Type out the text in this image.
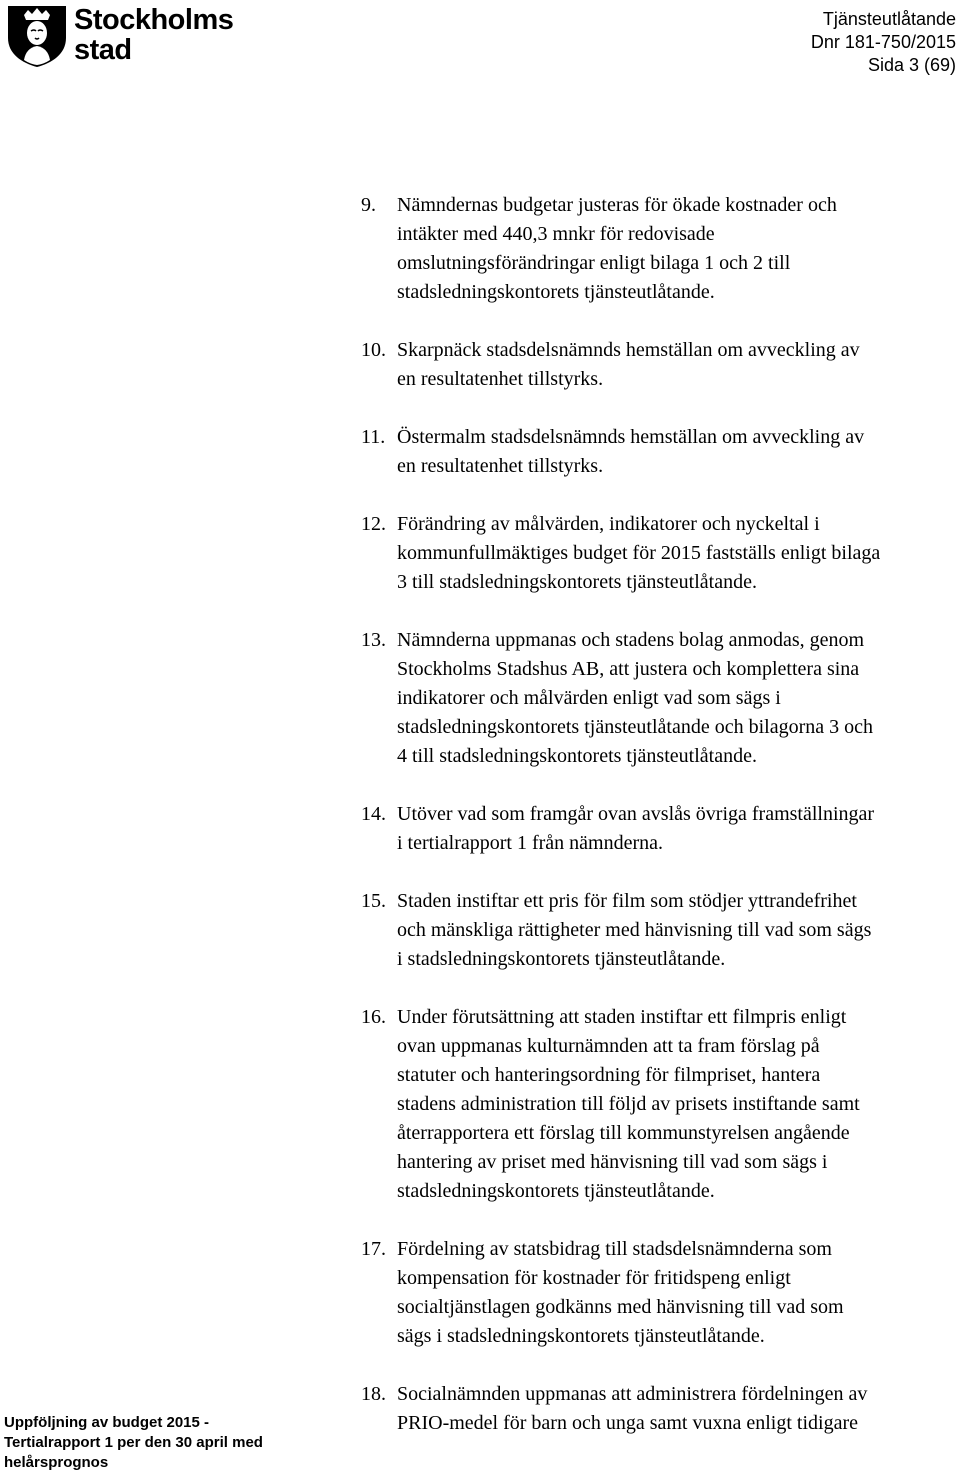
Stockholms
stad
Tjänsteutlåtande
Dnr 181-750/2015
Sida 3 (69)
9. Nämndernas budgetar justeras för ökade kostnader och
intäkter med 440,3 mnkr för redovisade
omslutningsförändringar enligt bilaga 1 och 2 till
stadsledningskontorets tjänsteutlåtande.
10. Skarpnäck stadsdelsnämnds hemställan om avveckling av
en resultatenhet tillstyrks.
11. Östermalm stadsdelsnämnds hemställan om avveckling av
en resultatenhet tillstyrks.
12. Förändring av målvärden, indikatorer och nyckeltal i
kommunfullmäktiges budget för 2015 fastställs enligt bilaga
3 till stadsledningskontorets tjänsteutlåtande.
13. Nämnderna uppmanas och stadens bolag anmodas, genom
Stockholms Stadshus AB, att justera och komplettera sina
indikatorer och målvärden enligt vad som sägs i
stadsledningskontorets tjänsteutlåtande och bilagorna 3 och
4 till stadsledningskontorets tjänsteutlåtande.
14. Utöver vad som framgår ovan avslås övriga framställningar
i tertialrapport 1 från nämnderna.
15. Staden instiftar ett pris för film som stödjer yttrandefrihet
och mänskliga rättigheter med hänvisning till vad som sägs
i stadsledningskontorets tjänsteutlåtande.
16. Under förutsättning att staden instiftar ett filmpris enligt
ovan uppmanas kulturnämnden att ta fram förslag på
statuter och hanteringsordning för filmpriset, hantera
stadens administration till följd av prisets instiftande samt
återrapportera ett förslag till kommunstyrelsen angående
hantering av priset med hänvisning till vad som sägs i
stadsledningskontorets tjänsteutlåtande.
17. Fördelning av statsbidrag till stadsdelsnämnderna som
kompensation för kostnader för fritidspeng enligt
socialtjänstlagen godkänns med hänvisning till vad som
sägs i stadsledningskontorets tjänsteutlåtande.
18. Socialnämnden uppmanas att administrera fördelningen av
PRIO-medel för barn och unga samt vuxna enligt tidigare
Uppföljning av budget 2015 -
Tertialrapport 1 per den 30 april med
helårsprognos
